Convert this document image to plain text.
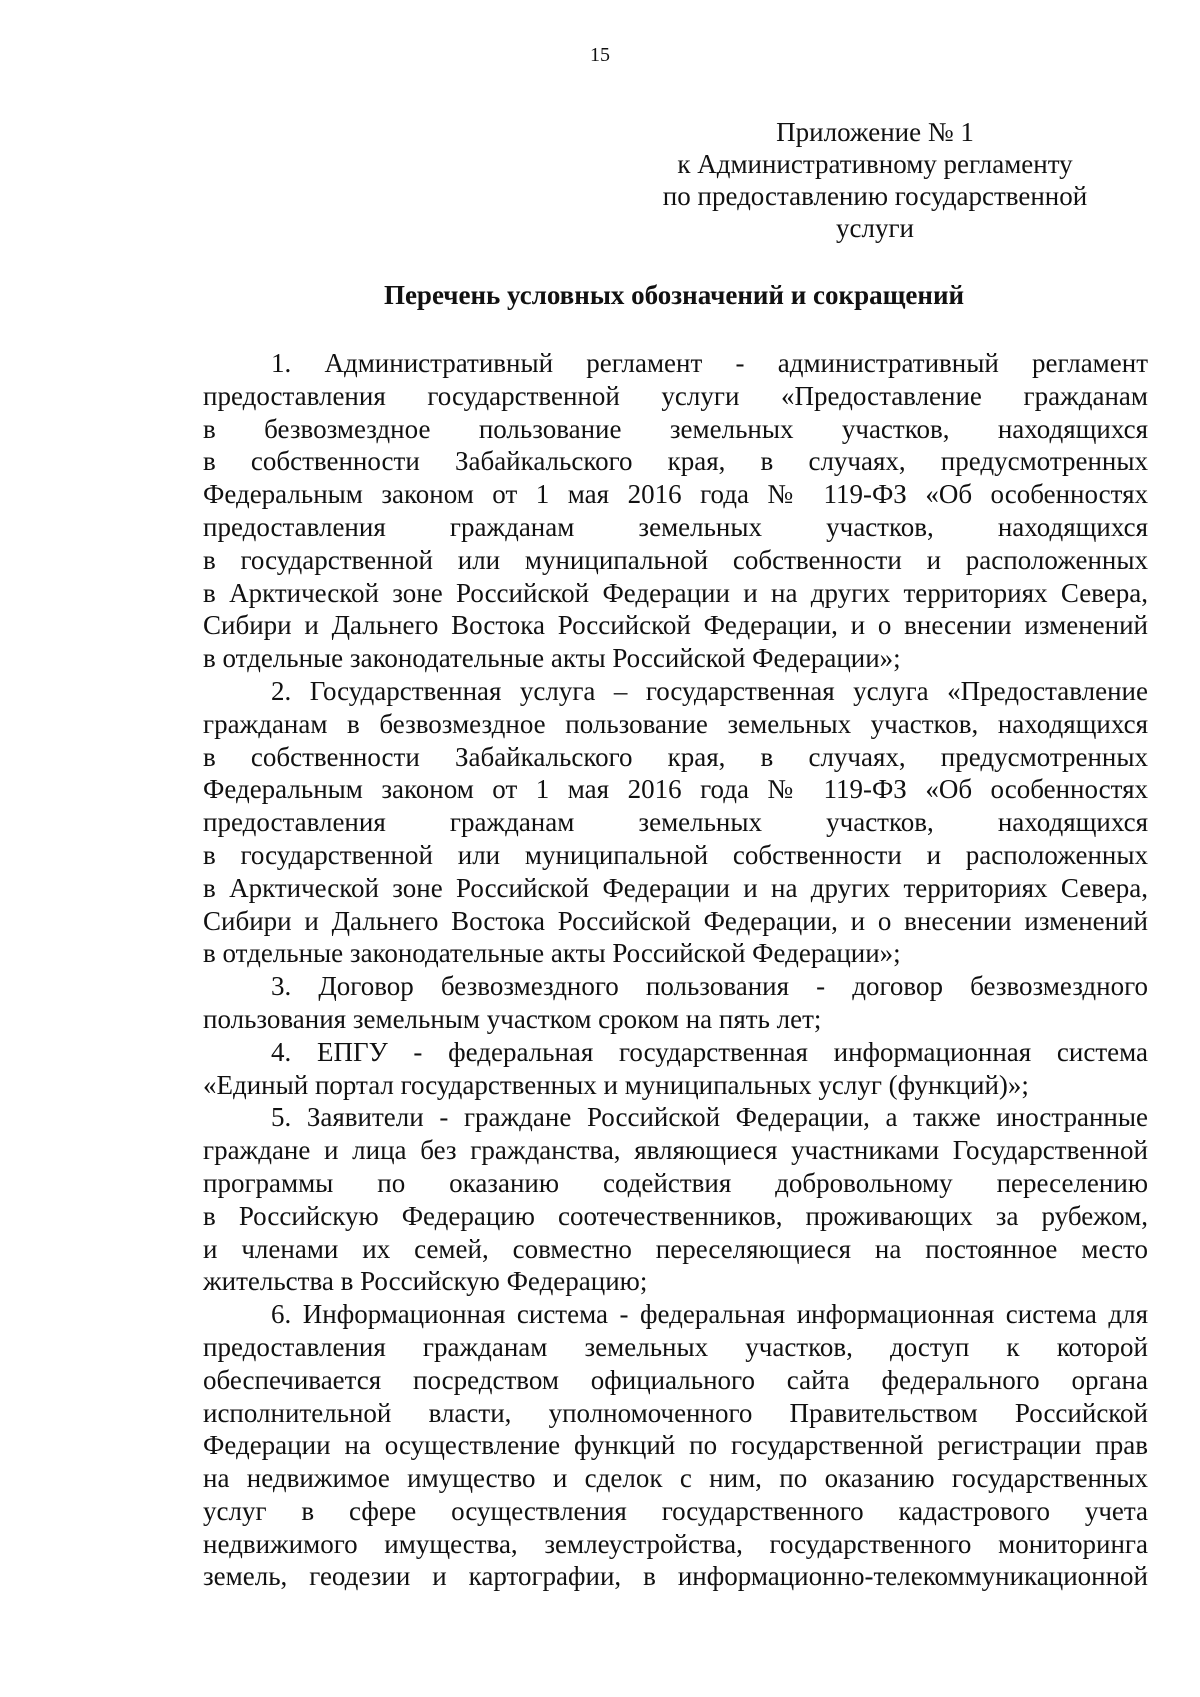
15
Приложение № 1
к Административному регламенту
по предоставлению государственной
услуги
Перечень условных обозначений и сокращений
1. Административный регламент - административный регламент
предоставления государственной услуги «Предоставление гражданам
в безвозмездное пользование земельных участков, находящихся
в собственности Забайкальского края, в случаях, предусмотренных
Федеральным законом от 1 мая 2016 года № 119-ФЗ «Об особенностях
предоставления гражданам земельных участков, находящихся
в государственной или муниципальной собственности и расположенных
в Арктической зоне Российской Федерации и на других территориях Севера,
Сибири и Дальнего Востока Российской Федерации, и о внесении изменений
в отдельные законодательные акты Российской Федерации»;
2. Государственная услуга – государственная услуга «Предоставление
гражданам в безвозмездное пользование земельных участков, находящихся
в собственности Забайкальского края, в случаях, предусмотренных
Федеральным законом от 1 мая 2016 года № 119-ФЗ «Об особенностях
предоставления гражданам земельных участков, находящихся
в государственной или муниципальной собственности и расположенных
в Арктической зоне Российской Федерации и на других территориях Севера,
Сибири и Дальнего Востока Российской Федерации, и о внесении изменений
в отдельные законодательные акты Российской Федерации»;
3. Договор безвозмездного пользования - договор безвозмездного
пользования земельным участком сроком на пять лет;
4. ЕПГУ - федеральная государственная информационная система
«Единый портал государственных и муниципальных услуг (функций)»;
5. Заявители - граждане Российской Федерации, а также иностранные
граждане и лица без гражданства, являющиеся участниками Государственной
программы по оказанию содействия добровольному переселению
в Российскую Федерацию соотечественников, проживающих за рубежом,
и членами их семей, совместно переселяющиеся на постоянное место
жительства в Российскую Федерацию;
6. Информационная система - федеральная информационная система для
предоставления гражданам земельных участков, доступ к которой
обеспечивается посредством официального сайта федерального органа
исполнительной власти, уполномоченного Правительством Российской
Федерации на осуществление функций по государственной регистрации прав
на недвижимое имущество и сделок с ним, по оказанию государственных
услуг в сфере осуществления государственного кадастрового учета
недвижимого имущества, землеустройства, государственного мониторинга
земель, геодезии и картографии, в информационно-телекоммуникационной
